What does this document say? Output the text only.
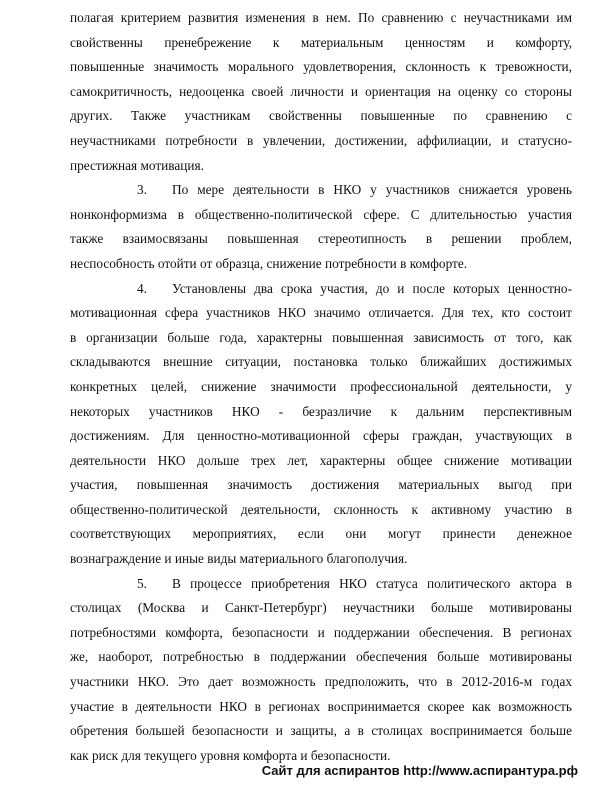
полагая критерием развития изменения в нем. По сравнению с неучастниками им
свойственны пренебрежение к материальным ценностям и комфорту,
повышенные значимость морального удовлетворения, склонность к тревожности,
самокритичность, недооценка своей личности и ориентация на оценку со стороны
других. Также участникам свойственны повышенные по сравнению с
неучастниками потребности в увлечении, достижении, аффилиации, и статусно-
престижная мотивация.
3. По мере деятельности в НКО у участников снижается уровень
нонконформизма в общественно-политической сфере. С длительностью участия
также взаимосвязаны повышенная стереотипность в решении проблем,
неспособность отойти от образца, снижение потребности в комфорте.
4. Установлены два срока участия, до и после которых ценностно-
мотивационная сфера участников НКО значимо отличается. Для тех, кто состоит
в организации больше года, характерны повышенная зависимость от того, как
складываются внешние ситуации, постановка только ближайших достижимых
конкретных целей, снижение значимости профессиональной деятельности, у
некоторых участников НКО - безразличие к дальним перспективным
достижениям. Для ценностно-мотивационной сферы граждан, участвующих в
деятельности НКО дольше трех лет, характерны общее снижение мотивации
участия, повышенная значимость достижения материальных выгод при
общественно-политической деятельности, склонность к активному участию в
соответствующих мероприятиях, если они могут принести денежное
вознаграждение и иные виды материального благополучия.
5. В процессе приобретения НКО статуса политического актора в
столицах (Москва и Санкт-Петербург) неучастники больше мотивированы
потребностями комфорта, безопасности и поддержании обеспечения. В регионах
же, наоборот, потребностью в поддержании обеспечения больше мотивированы
участники НКО. Это дает возможность предположить, что в 2012-2016-м годах
участие в деятельности НКО в регионах воспринимается скорее как возможность
обретения большей безопасности и защиты, а в столицах воспринимается больше
как риск для текущего уровня комфорта и безопасности.
Сайт для аспирантов http://www.аспирантура.рф
